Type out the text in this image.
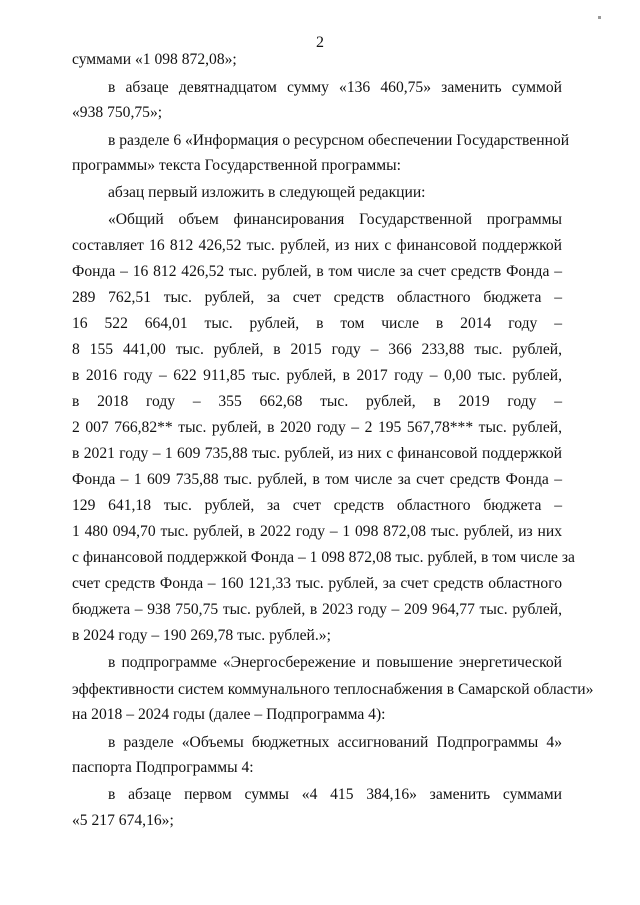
2
суммами «1 098 872,08»;
в абзаце девятнадцатом сумму «136 460,75» заменить суммой
«938 750,75»;
в разделе 6 «Информация о ресурсном обеспечении Государственной
программы» текста Государственной программы:
абзац первый изложить в следующей редакции:
«Общий объем финансирования Государственной программы
составляет 16 812 426,52 тыс. рублей, из них с финансовой поддержкой
Фонда – 16 812 426,52 тыс. рублей, в том числе за счет средств Фонда –
289 762,51 тыс. рублей, за счет средств областного бюджета –
16 522 664,01 тыс. рублей, в том числе в 2014 году –
8 155 441,00 тыс. рублей, в 2015 году – 366 233,88 тыс. рублей,
в 2016 году – 622 911,85 тыс. рублей, в 2017 году – 0,00 тыс. рублей,
в 2018 году – 355 662,68 тыс. рублей, в 2019 году –
2 007 766,82** тыс. рублей, в 2020 году – 2 195 567,78*** тыс. рублей,
в 2021 году – 1 609 735,88 тыс. рублей, из них с финансовой поддержкой
Фонда – 1 609 735,88 тыс. рублей, в том числе за счет средств Фонда –
129 641,18 тыс. рублей, за счет средств областного бюджета –
1 480 094,70 тыс. рублей, в 2022 году – 1 098 872,08 тыс. рублей, из них
с финансовой поддержкой Фонда – 1 098 872,08 тыс. рублей, в том числе за
счет средств Фонда – 160 121,33 тыс. рублей, за счет средств областного
бюджета – 938 750,75 тыс. рублей, в 2023 году – 209 964,77 тыс. рублей,
в 2024 году – 190 269,78 тыс. рублей.»;
в подпрограмме «Энергосбережение и повышение энергетической
эффективности систем коммунального теплоснабжения в Самарской области»
на 2018 – 2024 годы (далее – Подпрограмма 4):
в разделе «Объемы бюджетных ассигнований Подпрограммы 4»
паспорта Подпрограммы 4:
в абзаце первом суммы «4 415 384,16» заменить суммами
«5 217 674,16»;
